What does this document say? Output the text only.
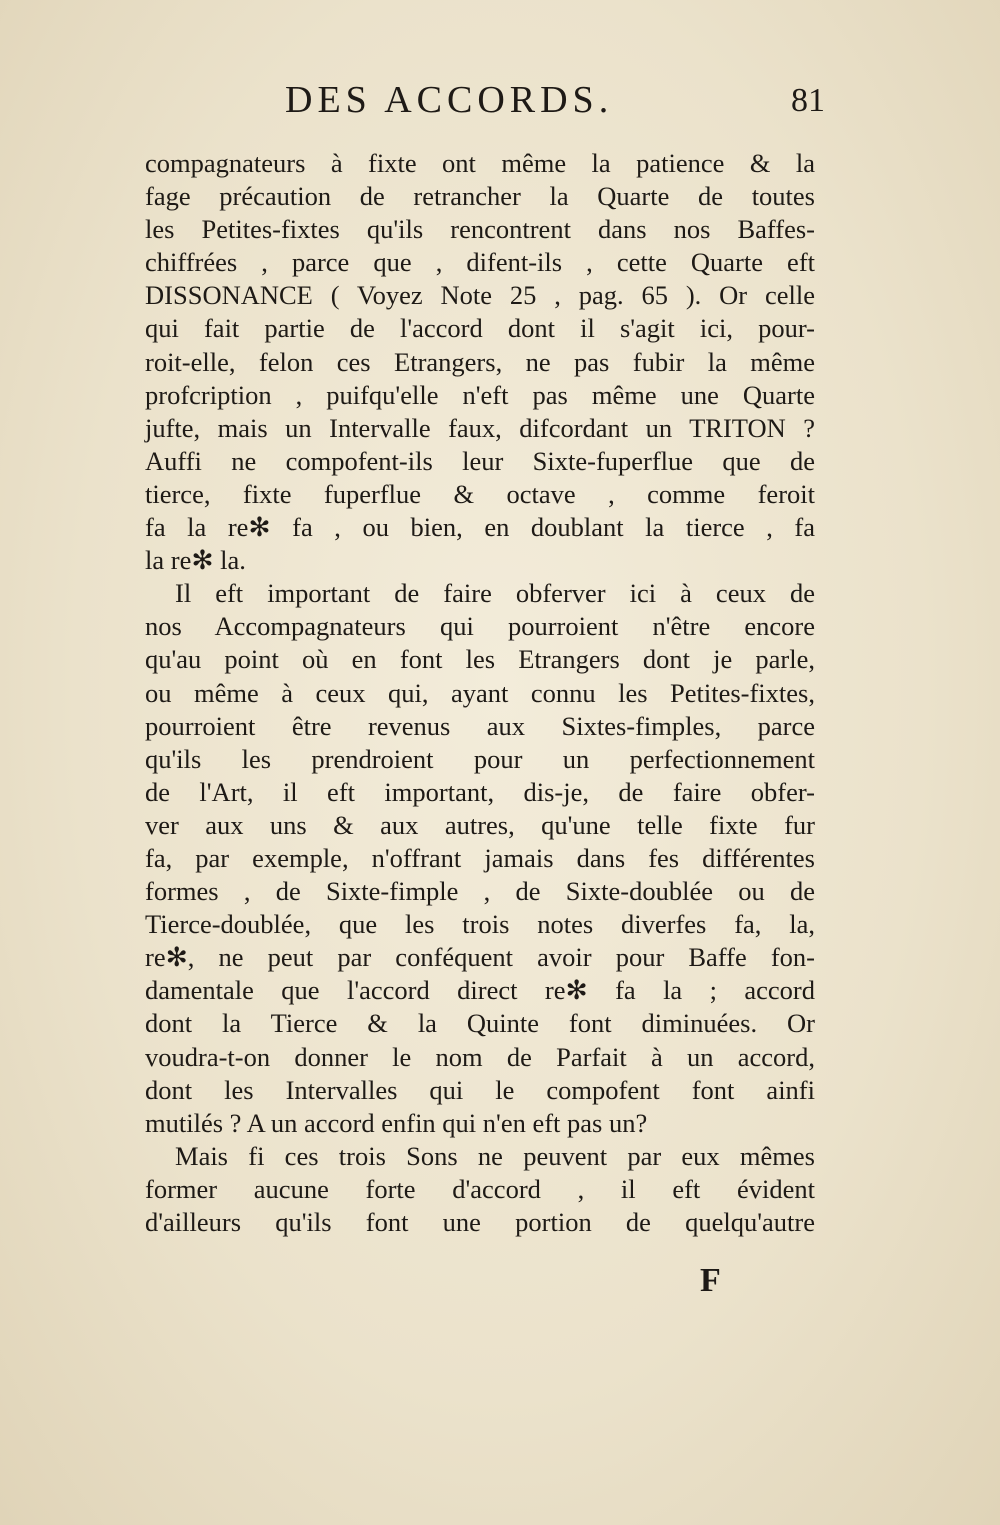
DES ACCORDS.	81
compagnateurs à fixte ont même la patience & la
fage précaution de retrancher la Quarte de toutes
les Petites-fixtes qu'ils rencontrent dans nos Baffes-
chiffrées , parce que , difent-ils , cette Quarte eft
DISSONANCE ( Voyez Note 25 , pag. 65 ). Or celle
qui fait partie de l'accord dont il s'agit ici, pour-
roit-elle, felon ces Etrangers, ne pas fubir la même
profcription , puifqu'elle n'eft pas même une Quarte
jufte, mais un Intervalle faux, difcordant un TRITON ?
Auffi ne compofent-ils leur Sixte-fuperflue que de
tierce, fixte fuperflue & octave , comme feroit
fa la re✻ fa , ou bien, en doublant la tierce , fa
la re✻ la.
Il eft important de faire obferver ici à ceux de
nos Accompagnateurs qui pourroient n'être encore
qu'au point où en font les Etrangers dont je parle,
ou même à ceux qui, ayant connu les Petites-fixtes,
pourroient être revenus aux Sixtes-fimples, parce
qu'ils les prendroient pour un perfectionnement
de l'Art, il eft important, dis-je, de faire obfer-
ver aux uns & aux autres, qu'une telle fixte fur
fa, par exemple, n'offrant jamais dans fes différentes
formes , de Sixte-fimple , de Sixte-doublée ou de
Tierce-doublée, que les trois notes diverfes fa, la,
re✻, ne peut par conféquent avoir pour Baffe fon-
damentale que l'accord direct re✻ fa la ; accord
dont la Tierce & la Quinte font diminuées. Or
voudra-t-on donner le nom de Parfait à un accord,
dont les Intervalles qui le compofent font ainfi
mutilés ? A un accord enfin qui n'en eft pas un?
Mais fi ces trois Sons ne peuvent par eux mêmes
former aucune forte d'accord , il eft évident
d'ailleurs qu'ils font une portion de quelqu'autre
F
